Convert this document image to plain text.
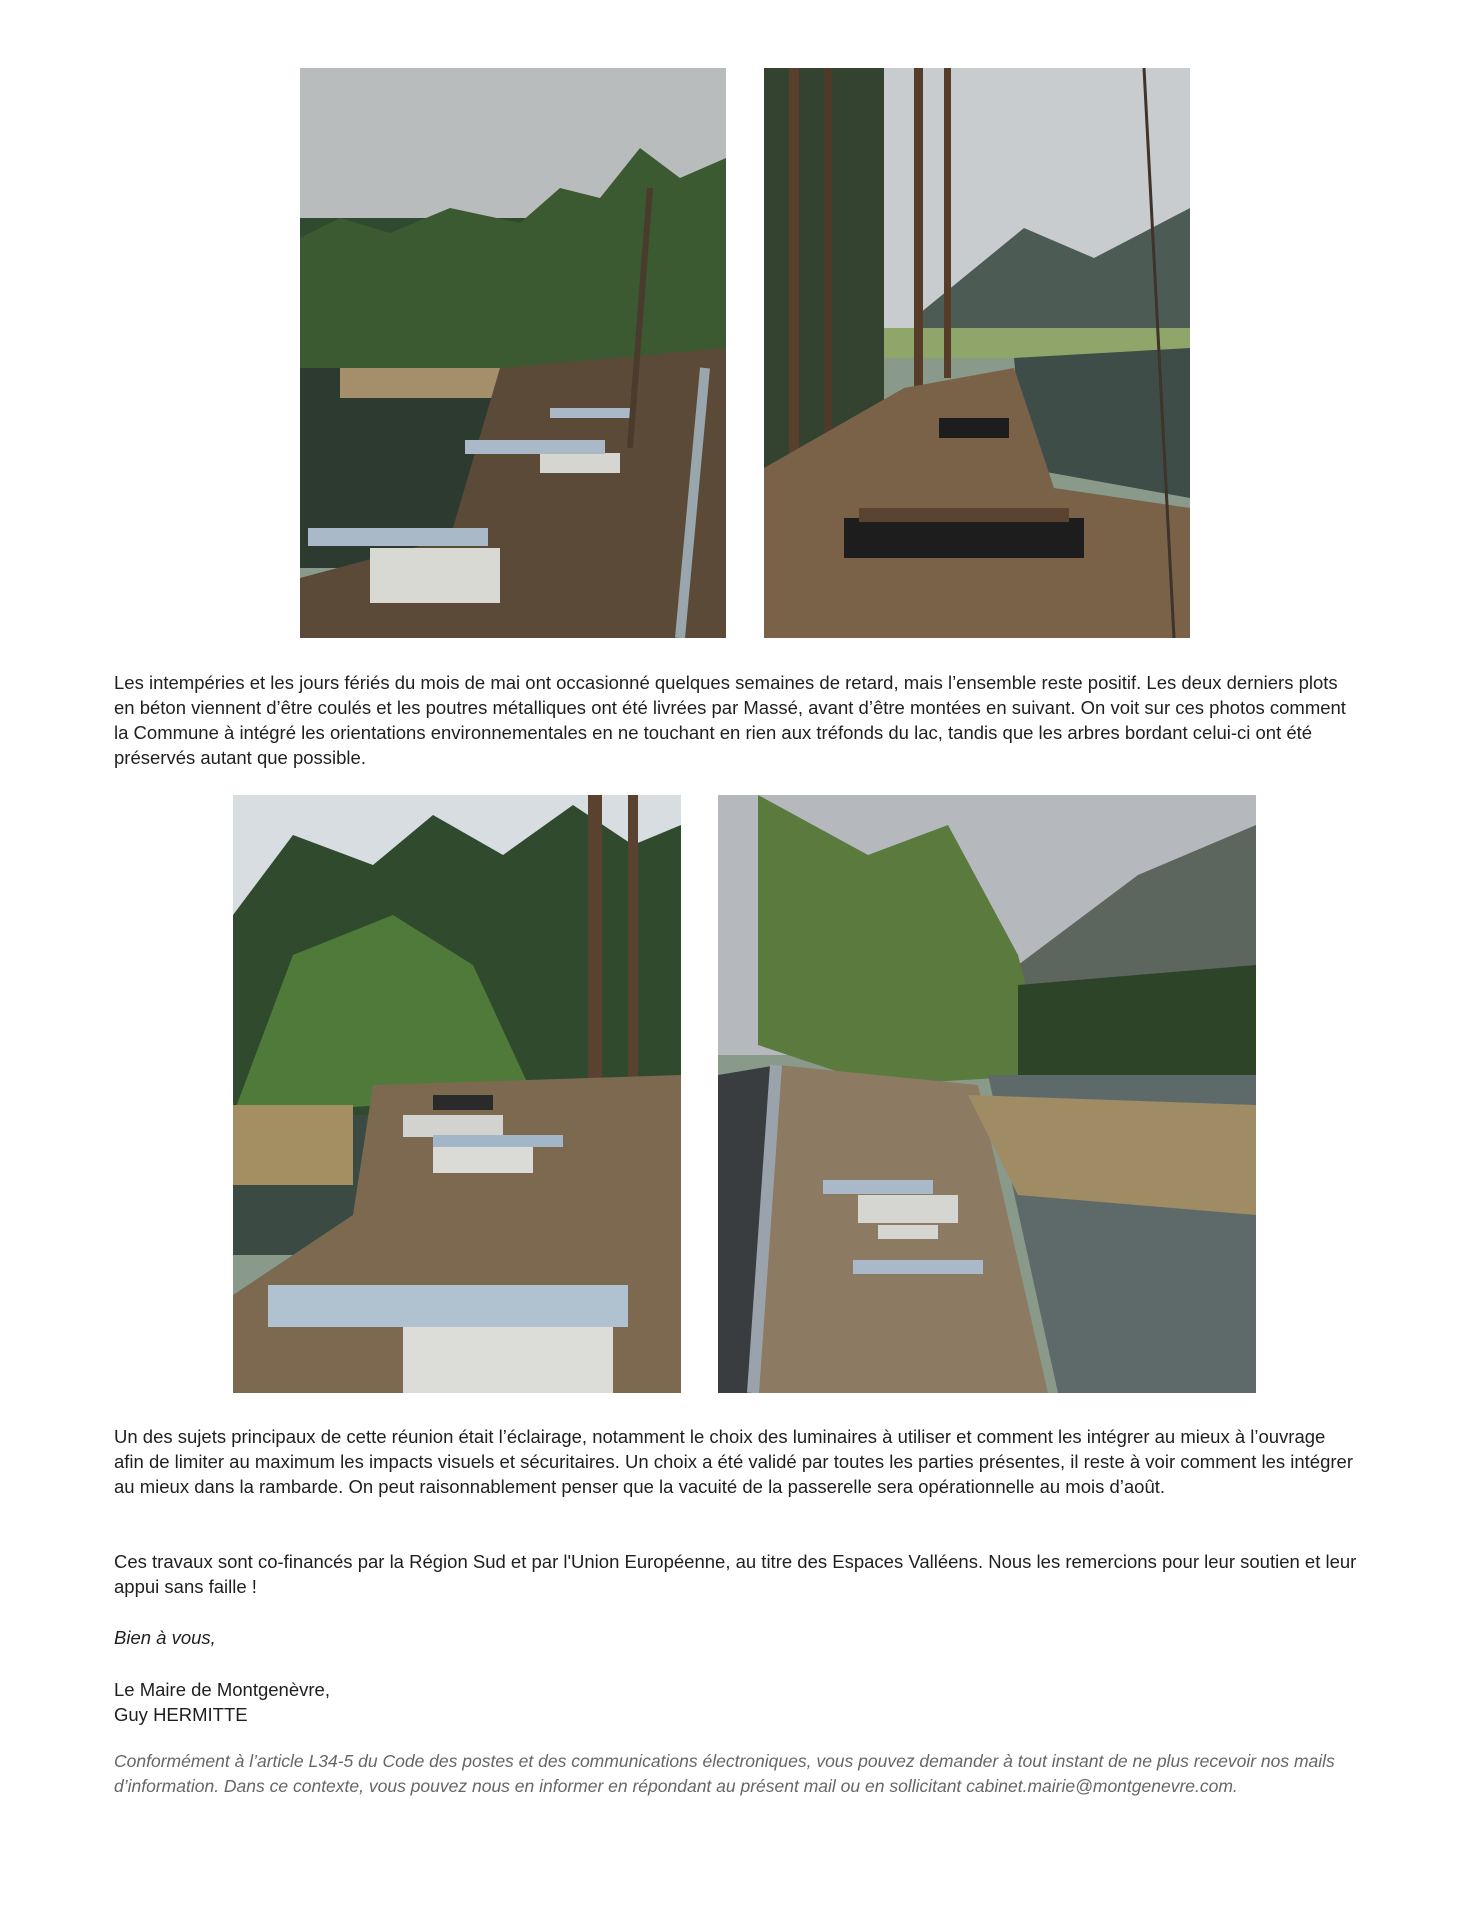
Les intempéries et les jours fériés du mois de mai ont occasionné quelques semaines de retard, mais l’ensemble reste positif. Les deux derniers plots en béton viennent d’être coulés et les poutres métalliques ont été livrées par Massé, avant d’être montées en suivant. On voit sur ces photos comment la Commune à intégré les orientations environnementales en ne touchant en rien aux tréfonds du lac, tandis que les arbres bordant celui-ci ont été préservés autant que possible.

Un des sujets principaux de cette réunion était l’éclairage, notamment le choix des luminaires à utiliser et comment les intégrer au mieux à l’ouvrage afin de limiter au maximum les impacts visuels et sécuritaires. Un choix a été validé par toutes les parties présentes, il reste à voir comment les intégrer au mieux dans la rambarde. On peut raisonnablement penser que la vacuité de la passerelle sera opérationnelle au mois d’août.

Ces travaux sont co-financés par la Région Sud et par l'Union Européenne, au titre des Espaces Valléens. Nous les remercions pour leur soutien et leur appui sans faille !

Bien à vous,

Le Maire de Montgenèvre,
Guy HERMITTE

Conformément à l’article L34-5 du Code des postes et des communications électroniques, vous pouvez demander à tout instant de ne plus recevoir nos mails d’information. Dans ce contexte, vous pouvez nous en informer en répondant au présent mail ou en sollicitant cabinet.mairie@montgenevre.com.
